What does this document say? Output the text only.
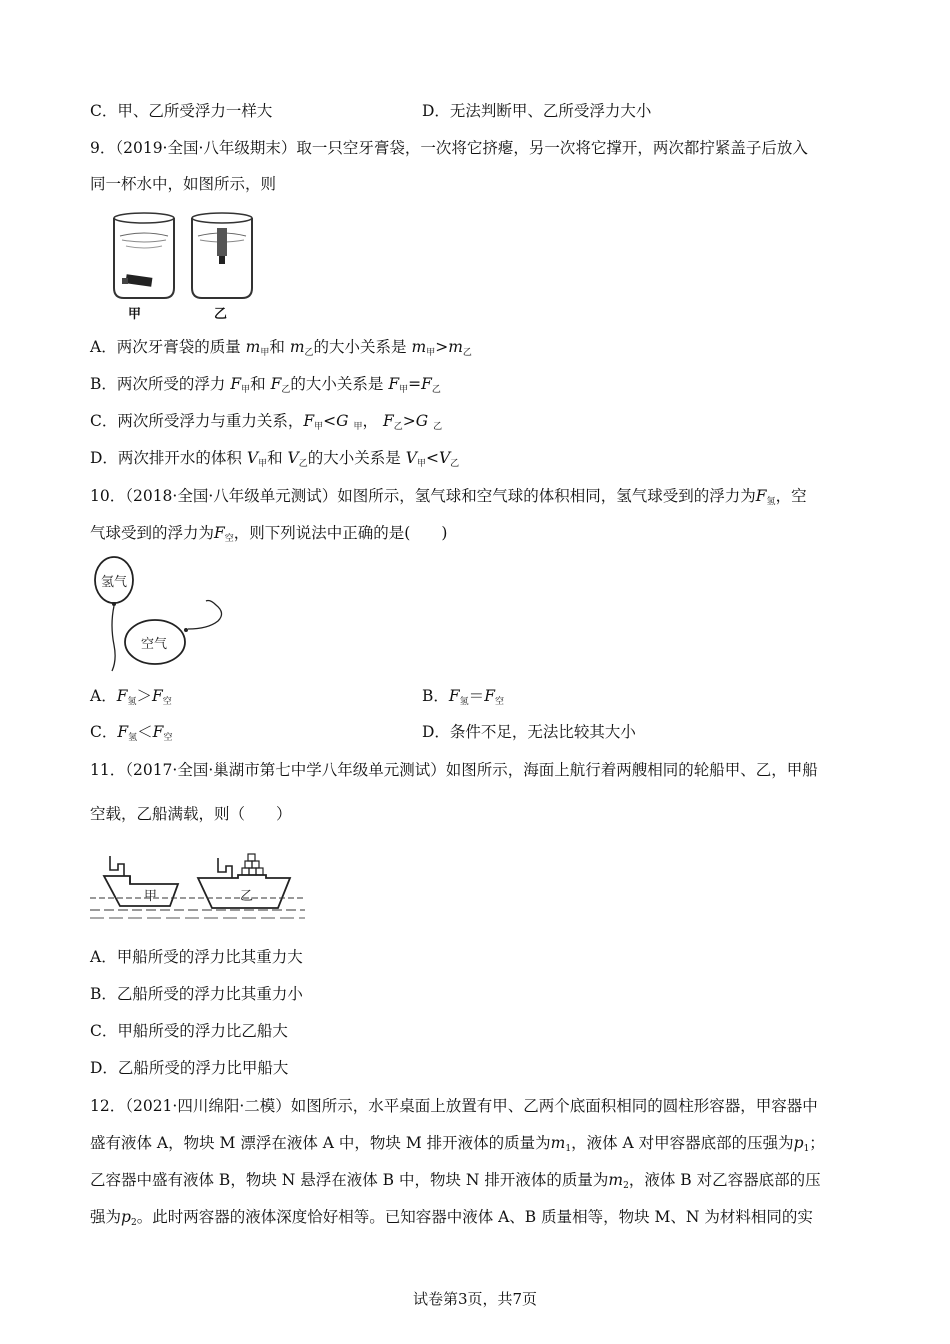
C．甲、乙所受浮力一样大	D．无法判断甲、乙所受浮力大小
9．（2019·全国·八年级期末）取一只空牙膏袋，一次将它挤瘪，另一次将它撑开，两次都拧紧盖子后放入
同一杯水中，如图所示，则
甲	乙
A．两次牙膏袋的质量 m甲和 m乙的大小关系是 m甲>m乙
B．两次所受的浮力 F甲和 F乙的大小关系是 F甲=F乙
C．两次所受浮力与重力关系，F甲<G 甲， F乙>G 乙
D．两次排开水的体积 V甲和 V乙的大小关系是 V甲<V乙
10．（2018·全国·八年级单元测试）如图所示，氢气球和空气球的体积相同，氢气球受到的浮力为F氢，空
气球受到的浮力为F空，则下列说法中正确的是(　　)
氢气
空气
A．F氢＞F空	B．F氢＝F空
C．F氢＜F空	D．条件不足，无法比较其大小
11．（2017·全国·巢湖市第七中学八年级单元测试）如图所示，海面上航行着两艘相同的轮船甲、乙，甲船
空载，乙船满载，则（　　）
甲	乙
A．甲船所受的浮力比其重力大
B．乙船所受的浮力比其重力小
C．甲船所受的浮力比乙船大
D．乙船所受的浮力比甲船大
12．（2021·四川绵阳·二模）如图所示，水平桌面上放置有甲、乙两个底面积相同的圆柱形容器，甲容器中
盛有液体 A，物块 M 漂浮在液体 A 中，物块 M 排开液体的质量为m1，液体 A 对甲容器底部的压强为p1；
乙容器中盛有液体 B，物块 N 悬浮在液体 B 中，物块 N 排开液体的质量为m2，液体 B 对乙容器底部的压
强为p2。此时两容器的液体深度恰好相等。已知容器中液体 A、B 质量相等，物块 M、N 为材料相同的实
试卷第3页，共7页
